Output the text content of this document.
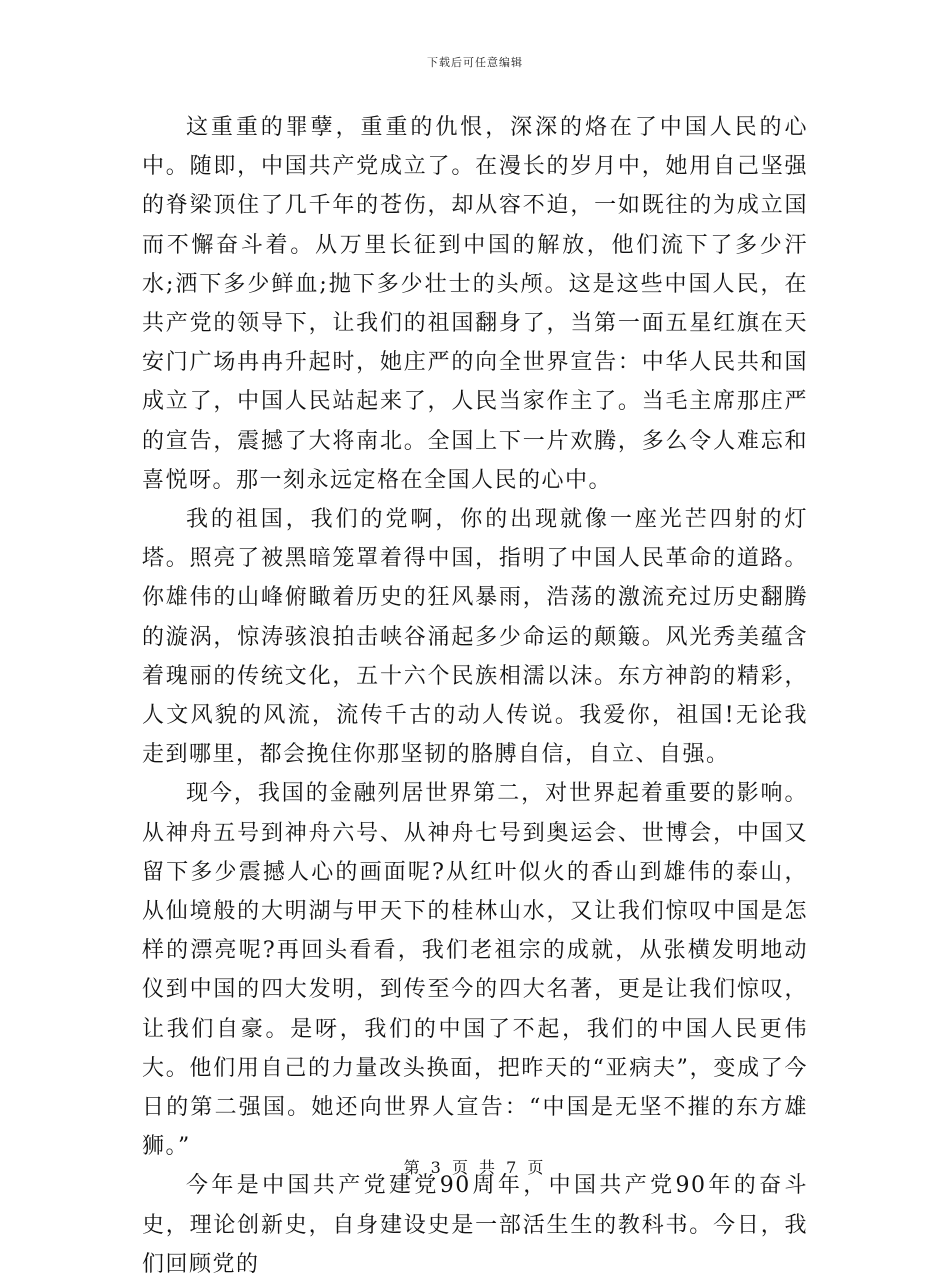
下载后可任意编辑

这重重的罪孽，重重的仇恨，深深的烙在了中国人民的心中。随即，中国共产党成立了。在漫长的岁月中，她用自己坚强的脊梁顶住了几千年的苍伤，却从容不迫，一如既往的为成立国而不懈奋斗着。从万里长征到中国的解放，他们流下了多少汗水;洒下多少鲜血;抛下多少壮士的头颅。这是这些中国人民，在共产党的领导下，让我们的祖国翻身了，当第一面五星红旗在天安门广场冉冉升起时，她庄严的向全世界宣告：中华人民共和国成立了，中国人民站起来了，人民当家作主了。当毛主席那庄严的宣告，震撼了大将南北。全国上下一片欢腾，多么令人难忘和喜悦呀。那一刻永远定格在全国人民的心中。

我的祖国，我们的党啊，你的出现就像一座光芒四射的灯塔。照亮了被黑暗笼罩着得中国，指明了中国人民革命的道路。你雄伟的山峰俯瞰着历史的狂风暴雨，浩荡的激流充过历史翻腾的漩涡，惊涛骇浪拍击峡谷涌起多少命运的颠簸。风光秀美蕴含着瑰丽的传统文化，五十六个民族相濡以沫。东方神韵的精彩，人文风貌的风流，流传千古的动人传说。我爱你，祖国!无论我走到哪里，都会挽住你那坚韧的胳膊自信，自立、自强。

现今，我国的金融列居世界第二，对世界起着重要的影响。从神舟五号到神舟六号、从神舟七号到奥运会、世博会，中国又留下多少震撼人心的画面呢?从红叶似火的香山到雄伟的泰山，从仙境般的大明湖与甲天下的桂林山水，又让我们惊叹中国是怎样的漂亮呢?再回头看看，我们老祖宗的成就，从张横发明地动仪到中国的四大发明，到传至今的四大名著，更是让我们惊叹，让我们自豪。是呀，我们的中国了不起，我们的中国人民更伟大。他们用自己的力量改头换面，把昨天的“亚病夫”，变成了今日的第二强国。她还向世界人宣告：“中国是无坚不摧的东方雄狮。”

今年是中国共产党建党90周年，中国共产党90年的奋斗史，理论创新史，自身建设史是一部活生生的教科书。今日，我们回顾党的

第 3 页 共 7 页
